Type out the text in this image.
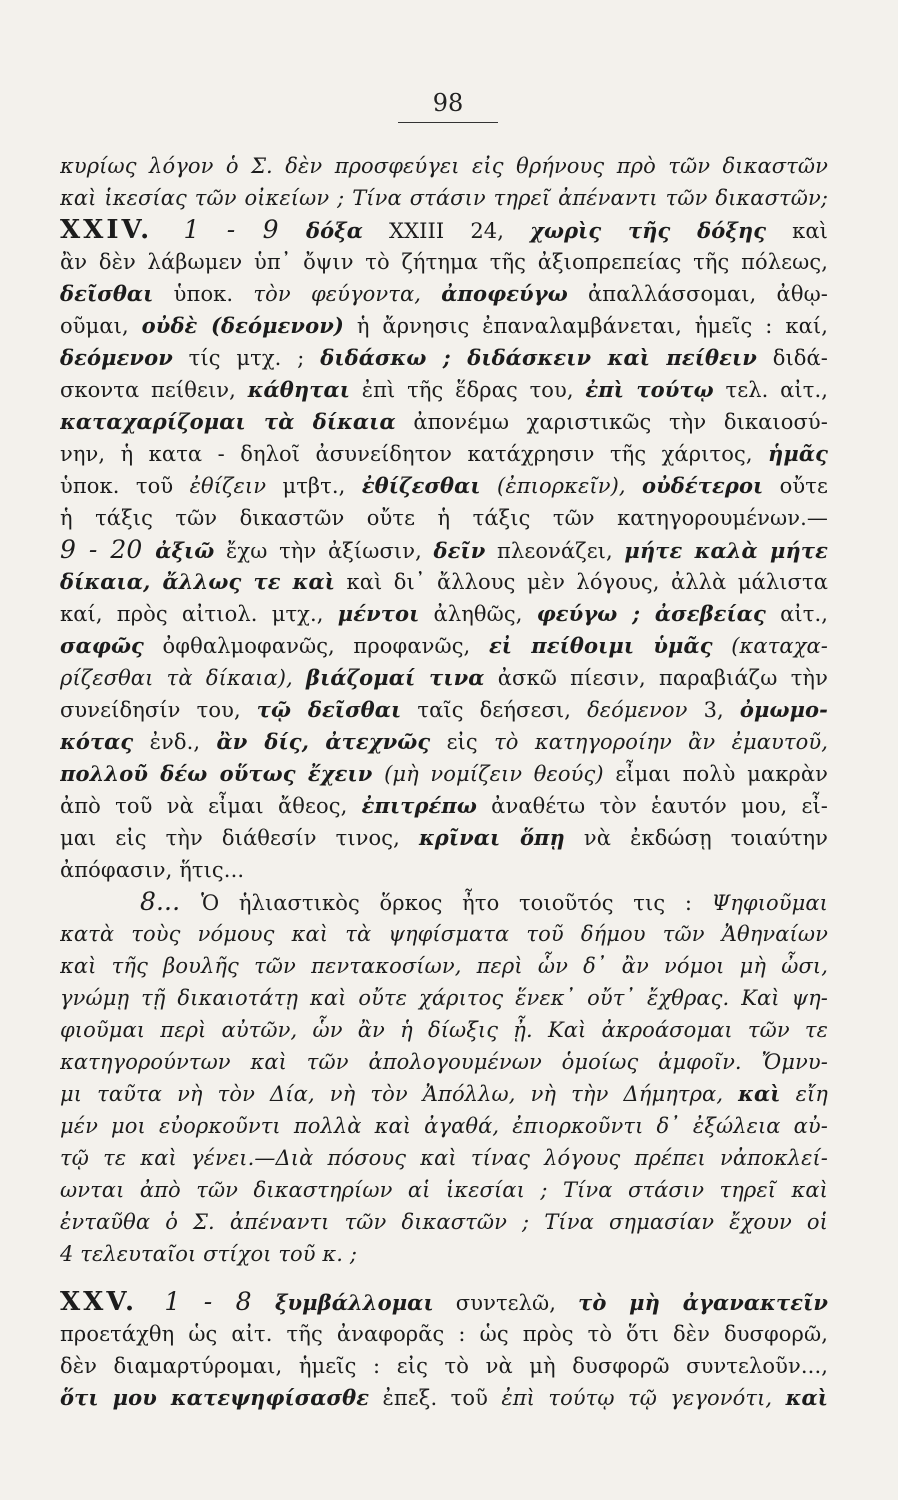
98
κυρίως λόγον ὁ Σ. δὲν προσφεύγει εἰς θρήνους πρὸ τῶν δικαστῶν
καὶ ἱκεσίας τῶν οἰκείων ; Τίνα στάσιν τηρεῖ ἀπέναντι τῶν δικαστῶν;
XXIV. 1 - 9 δόξα XXIII 24, χωρὶς τῆς δόξης καὶ
ἂν δὲν λάβωμεν ὑπ᾽ ὄψιν τὸ ζήτημα τῆς ἀξιοπρεπείας τῆς πόλεως,
δεῖσθαι ὑποκ. τὸν φεύγοντα, ἀποφεύγω ἀπαλλάσσομαι, ἀθῳ-
οῦμαι, οὐδὲ (δεόμενον) ἡ ἄρνησις ἐπαναλαμβάνεται, ἡμεῖς : καί,
δεόμενον τίς μτχ. ; διδάσκω ; διδάσκειν καὶ πείθειν διδά-
σκοντα πείθειν, κάθηται ἐπὶ τῆς ἕδρας του, ἐπὶ τούτῳ τελ. αἰτ.,
καταχαρίζομαι τὰ δίκαια ἀπονέμω χαριστικῶς τὴν δικαιοσύ-
νην, ἡ κατα - δηλοῖ ἀσυνείδητον κατάχρησιν τῆς χάριτος, ἡμᾶς
ὑποκ. τοῦ ἐθίζειν μτβτ., ἐθίζεσθαι (ἐπιορκεῖν), οὐδέτεροι οὔτε
ἡ τάξις τῶν δικαστῶν οὔτε ἡ τάξις τῶν κατηγορουμένων.—
9 - 20 ἀξιῶ ἔχω τὴν ἀξίωσιν, δεῖν πλεονάζει, μήτε καλὰ μήτε
δίκαια, ἄλλως τε καὶ καὶ δι᾽ ἄλλους μὲν λόγους, ἀλλὰ μάλιστα
καί, πρὸς αἰτιολ. μτχ., μέντοι ἀληθῶς, φεύγω ; ἀσεβείας αἰτ.,
σαφῶς ὀφθαλμοφανῶς, προφανῶς, εἰ πείθοιμι ὑμᾶς (καταχα-
ρίζεσθαι τὰ δίκαια), βιάζομαί τινα ἀσκῶ πίεσιν, παραβιάζω τὴν
συνείδησίν του, τῷ δεῖσθαι ταῖς δεήσεσι, δεόμενον 3, ὀμωμο-
κότας ἐνδ., ἂν δίς, ἀτεχνῶς εἰς τὸ κατηγοροίην ἂν ἐμαυτοῦ,
πολλοῦ δέω οὕτως ἔχειν (μὴ νομίζειν θεούς) εἶμαι πολὺ μακρὰν
ἀπὸ τοῦ νὰ εἶμαι ἄθεος, ἐπιτρέπω ἀναθέτω τὸν ἑαυτόν μου, εἶ-
μαι εἰς τὴν διάθεσίν τινος, κρῖναι ὅπῃ νὰ ἐκδώσῃ τοιαύτην
ἀπόφασιν, ἥτις...
8... Ὁ ἡλιαστικὸς ὅρκος ἦτο τοιοῦτός τις : Ψηφιοῦμαι
κατὰ τοὺς νόμους καὶ τὰ ψηφίσματα τοῦ δήμου τῶν Ἀθηναίων
καὶ τῆς βουλῆς τῶν πεντακοσίων, περὶ ὧν δ᾽ ἂν νόμοι μὴ ὦσι,
γνώμῃ τῇ δικαιοτάτῃ καὶ οὔτε χάριτος ἕνεκ᾽ οὔτ᾽ ἔχθρας. Καὶ ψη-
φιοῦμαι περὶ αὐτῶν, ὧν ἂν ἡ δίωξις ᾖ. Καὶ ἀκροάσομαι τῶν τε
κατηγορούντων καὶ τῶν ἀπολογουμένων ὁμοίως ἀμφοῖν. Ὄμνυ-
μι ταῦτα νὴ τὸν Δία, νὴ τὸν Ἀπόλλω, νὴ τὴν Δήμητρα, καὶ εἴη
μέν μοι εὐορκοῦντι πολλὰ καὶ ἀγαθά, ἐπιορκοῦντι δ᾽ ἐξώλεια αὐ-
τῷ τε καὶ γένει.—Διὰ πόσους καὶ τίνας λόγους πρέπει νἀποκλεί-
ωνται ἀπὸ τῶν δικαστηρίων αἱ ἱκεσίαι ; Τίνα στάσιν τηρεῖ καὶ
ἐνταῦθα ὁ Σ. ἀπέναντι τῶν δικαστῶν ; Τίνα σημασίαν ἔχουν οἱ
4 τελευταῖοι στίχοι τοῦ κ. ;
XXV. 1 - 8 ξυμβάλλομαι συντελῶ, τὸ μὴ ἀγανακτεῖν
προετάχθη ὡς αἰτ. τῆς ἀναφορᾶς : ὡς πρὸς τὸ ὅτι δὲν δυσφορῶ,
δὲν διαμαρτύρομαι, ἡμεῖς : εἰς τὸ νὰ μὴ δυσφορῶ συντελοῦν...,
ὅτι μου κατεψηφίσασθε ἐπεξ. τοῦ ἐπὶ τούτῳ τῷ γεγονότι, καὶ
